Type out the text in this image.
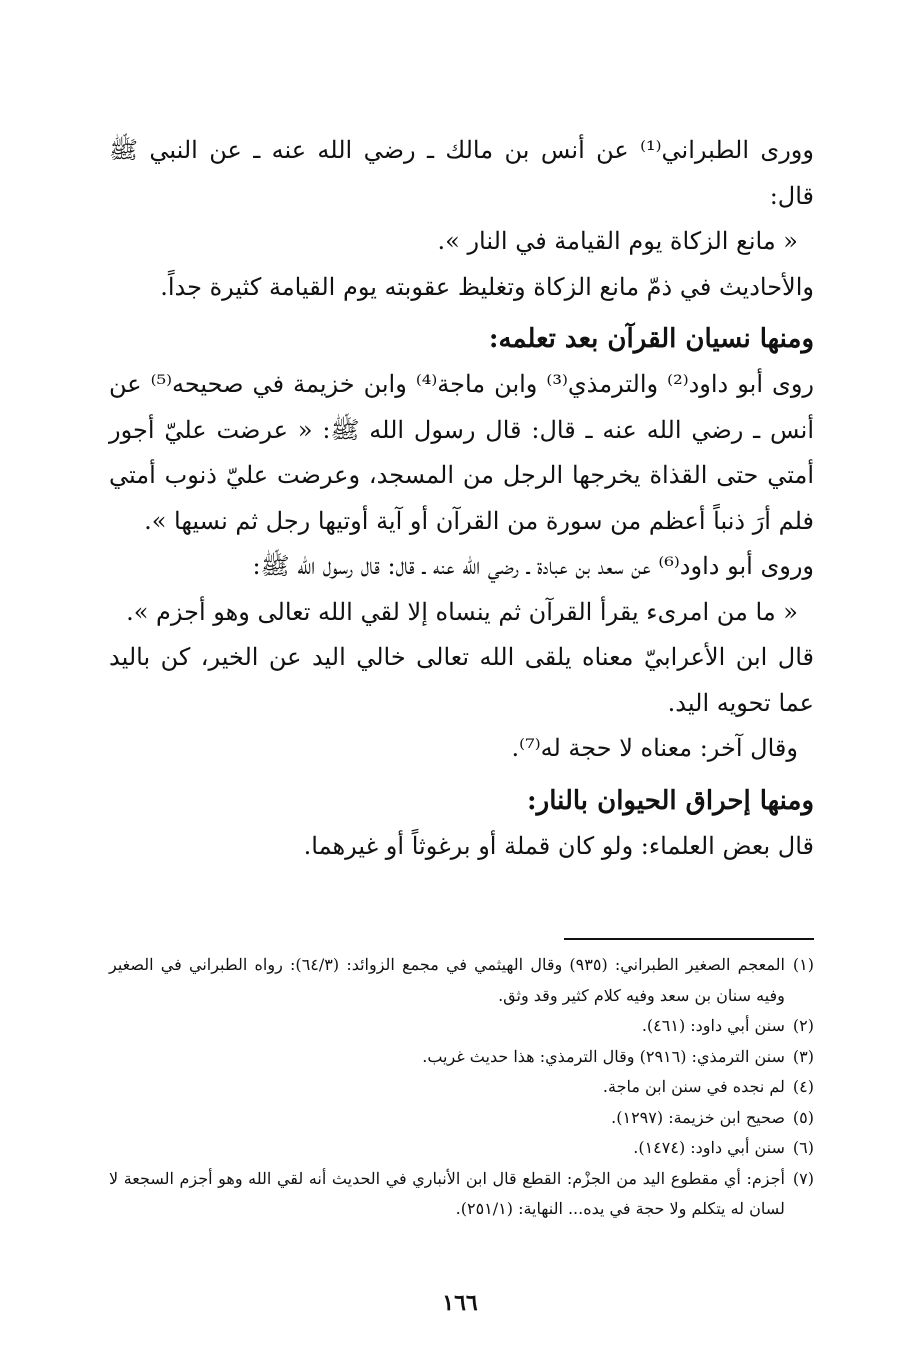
وورى الطبراني⁽¹⁾ عن أنس بن مالك ـ رضي الله عنه ـ عن النبي ﷺ قال:

« مانع الزكاة يوم القيامة في النار ».

والأحاديث في ذمّ مانع الزكاة وتغليظ عقوبته يوم القيامة كثيرة جداً.

ومنها نسيان القرآن بعد تعلمه:

روى أبو داود⁽²⁾ والترمذي⁽³⁾ وابن ماجة⁽⁴⁾ وابن خزيمة في صحيحه⁽⁵⁾ عن أنس ـ رضي الله عنه ـ قال: قال رسول الله ﷺ: « عرضت عليّ أجور أمتي حتى القذاة يخرجها الرجل من المسجد، وعرضت عليّ ذنوب أمتي فلم أرَ ذنباً أعظم من سورة من القرآن أو آية أوتيها رجل ثم نسيها ».

وروى أبو داود⁽⁶⁾ عن سعد بن عبادة ـ رضي الله عنه ـ قال: قال رسول الله ﷺ:

« ما من امرىء يقرأ القرآن ثم ينساه إلا لقي الله تعالى وهو أجزم ».

قال ابن الأعرابيّ معناه يلقى الله تعالى خالي اليد عن الخير، كن باليد عما تحويه اليد.

وقال آخر: معناه لا حجة له⁽⁷⁾.

ومنها إحراق الحيوان بالنار:

قال بعض العلماء: ولو كان قملة أو برغوثاً أو غيرهما.

(١)
المعجم الصغير الطبراني: (٩٣٥) وقال الهيثمي في مجمع الزوائد: (٦٤/٣): رواه الطبراني في الصغير وفيه سنان بن سعد وفيه كلام كثير وقد وثق.
(٢)
سنن أبي داود: (٤٦١).
(٣)
سنن الترمذي: (٢٩١٦) وقال الترمذي: هذا حديث غريب.
(٤)
لم نجده في سنن ابن ماجة.
(٥)
صحيح ابن خزيمة: (١٢٩٧).
(٦)
سنن أبي داود: (١٤٧٤).
(٧)
أجزم: أي مقطوع اليد من الجزْم: القطع قال ابن الأنباري في الحديث أنه لقي الله وهو أجزم السجعة لا لسان له يتكلم ولا حجة في يده... النهاية: (٢٥١/١).
١٦٦
